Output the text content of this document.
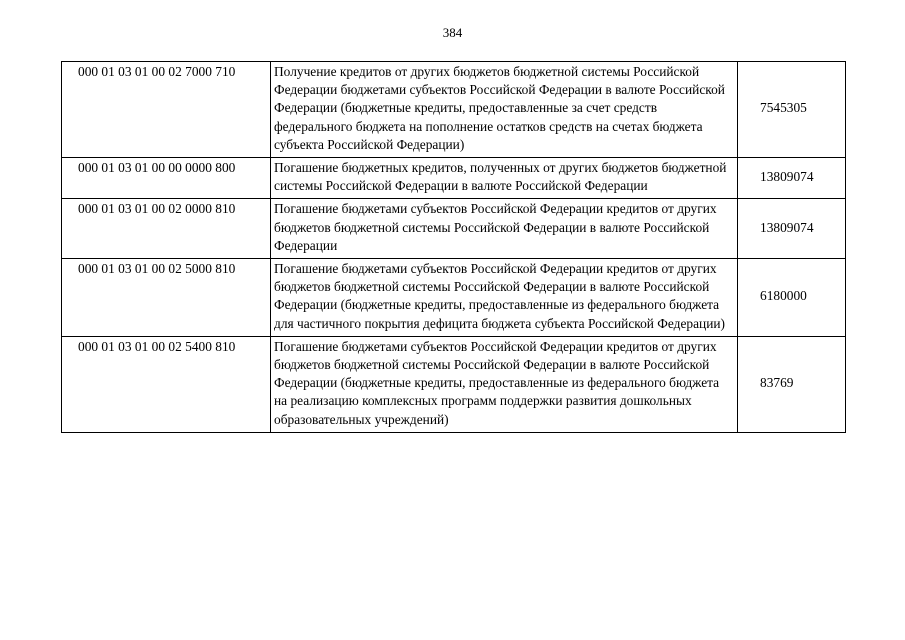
384
000 01 03 01 00 02 7000 710	Получение кредитов от других бюджетов бюджетной системы Российской Федерации бюджетами субъектов Российской Федерации в валюте Российской Федерации (бюджетные кредиты, предоставленные за счет средств федерального бюджета на пополнение остатков средств на счетах бюджета субъекта Российской Федерации)	7545305
000 01 03 01 00 00 0000 800	Погашение бюджетных кредитов, полученных от других бюджетов бюджетной системы Российской Федерации в валюте Российской Федерации	13809074
000 01 03 01 00 02 0000 810	Погашение бюджетами субъектов Российской Федерации кредитов от других бюджетов бюджетной системы Российской Федерации в валюте Российской Федерации	13809074
000 01 03 01 00 02 5000 810	Погашение бюджетами субъектов Российской Федерации кредитов от других бюджетов бюджетной системы Российской Федерации в валюте Российской Федерации (бюджетные кредиты, предоставленные из федерального бюджета для частичного покрытия дефицита бюджета субъекта Российской Федерации)	6180000
000 01 03 01 00 02 5400 810	Погашение бюджетами субъектов Российской Федерации кредитов от других бюджетов бюджетной системы Российской Федерации в валюте Российской Федерации (бюджетные кредиты, предоставленные из федерального бюджета на реализацию комплексных программ поддержки развития дошкольных образовательных учреждений)	83769
